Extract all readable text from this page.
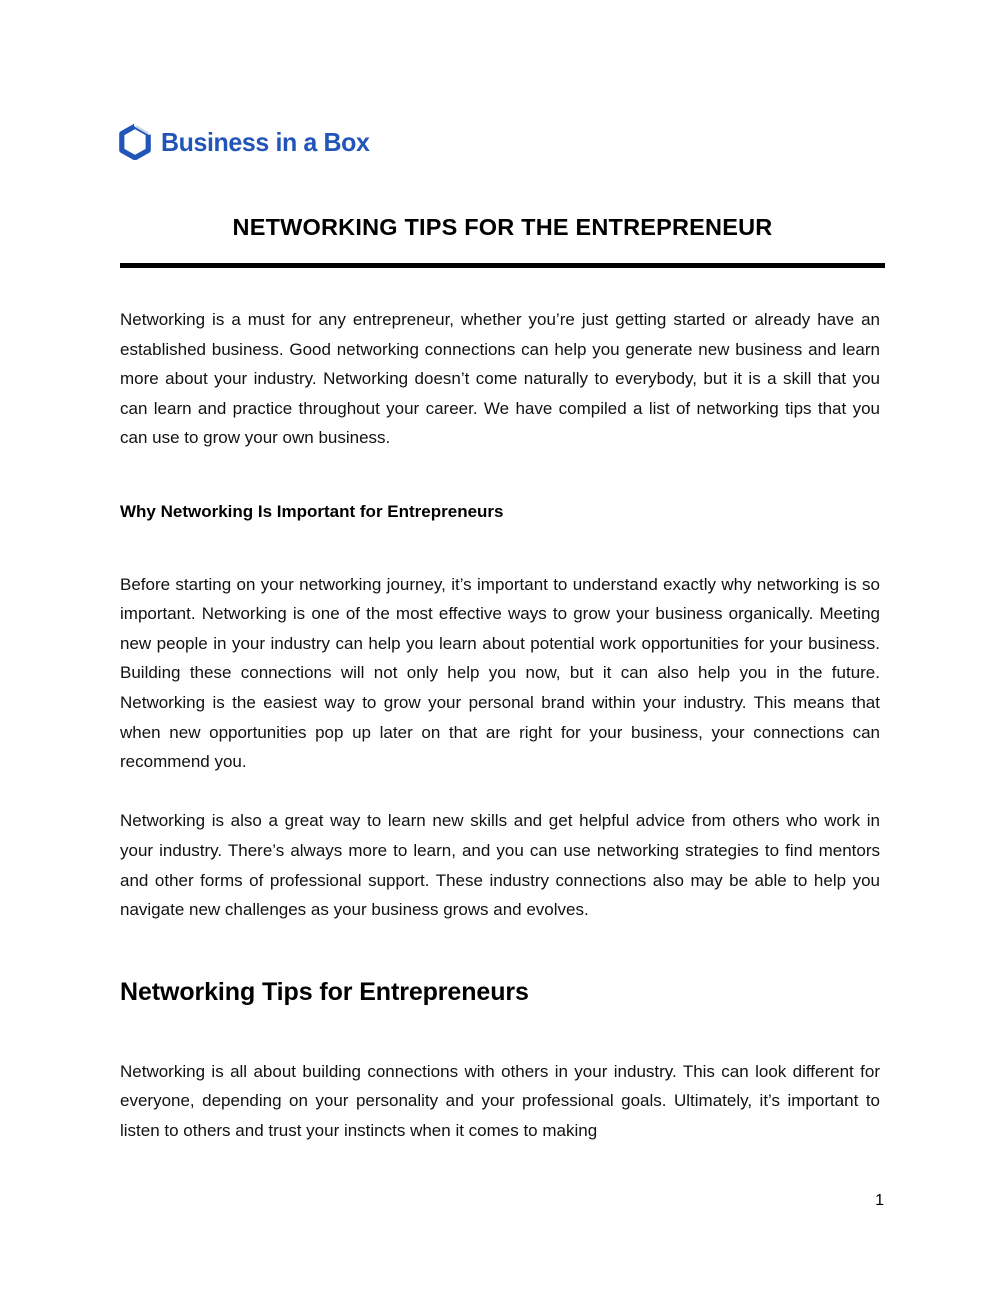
Business in a Box
NETWORKING TIPS FOR THE ENTREPRENEUR

Networking is a must for any entrepreneur, whether you’re just getting started or already have an established business. Good networking connections can help you generate new business and learn more about your industry. Networking doesn’t come naturally to everybody, but it is a skill that you can learn and practice throughout your career. We have compiled a list of networking tips that you can use to grow your own business.

Why Networking Is Important for Entrepreneurs

Before starting on your networking journey, it’s important to understand exactly why networking is so important. Networking is one of the most effective ways to grow your business organically. Meeting new people in your industry can help you learn about potential work opportunities for your business. Building these connections will not only help you now, but it can also help you in the future. Networking is the easiest way to grow your personal brand within your industry. This means that when new opportunities pop up later on that are right for your business, your connections can recommend you.

Networking is also a great way to learn new skills and get helpful advice from others who work in your industry. There’s always more to learn, and you can use networking strategies to find mentors and other forms of professional support. These industry connections also may be able to help you navigate new challenges as your business grows and evolves.

Networking Tips for Entrepreneurs

Networking is all about building connections with others in your industry. This can look different for everyone, depending on your personality and your professional goals. Ultimately, it’s important to listen to others and trust your instincts when it comes to making

1
